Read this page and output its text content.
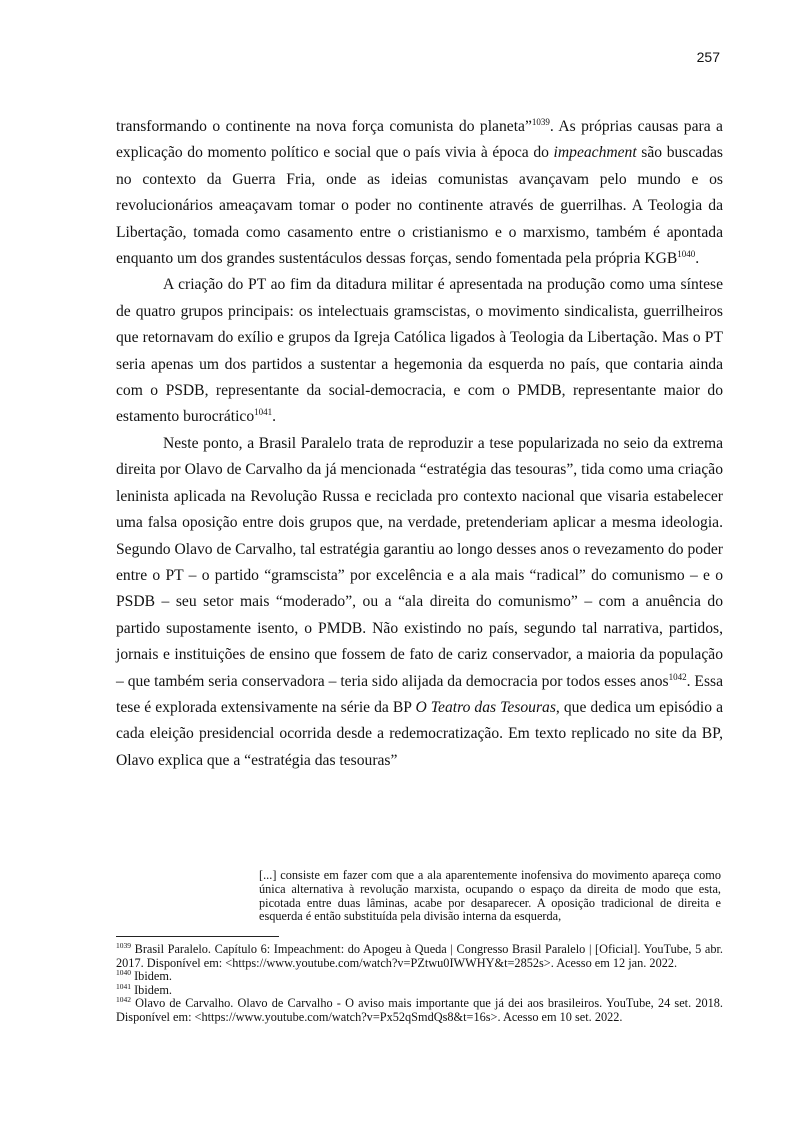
257

transformando o continente na nova força comunista do planeta”$^{1039}$. As próprias causas para a explicação do momento político e social que o país vivia à época do impeachment são buscadas no contexto da Guerra Fria, onde as ideias comunistas avançavam pelo mundo e os revolucionários ameaçavam tomar o poder no continente através de guerrilhas. A Teologia da Libertação, tomada como casamento entre o cristianismo e o marxismo, também é apontada enquanto um dos grandes sustentáculos dessas forças, sendo fomentada pela própria $KGB^{1040}$.

A criação do PT ao fim da ditadura militar é apresentada na produção como uma síntese de quatro grupos principais: os intelectuais gramscistas, o movimento sindicalista, guerrilheiros que retornavam do exílio e grupos da Igreja Católica ligados à Teologia da Libertação. Mas o PT seria apenas um dos partidos a sustentar a hegemonia da esquerda no país, que contaria ainda com o PSDB, representante da social-democracia, e com o PMDB, representante maior do estamento burocrático$^{1041}$.

Neste ponto, a Brasil Paralelo trata de reproduzir a tese popularizada no seio da extrema direita por Olavo de Carvalho da já mencionada “estratégia das tesouras”, tida como uma criação leninista aplicada na Revolução Russa e reciclada pro contexto nacional que visaria estabelecer uma falsa oposição entre dois grupos que, na verdade, pretenderiam aplicar a mesma ideologia. Segundo Olavo de Carvalho, tal estratégia garantiu ao longo desses anos o revezamento do poder entre o PT – o partido “gramscista” por excelência e a ala mais “radical” do comunismo – e o PSDB – seu setor mais “moderado”, ou a “ala direita do comunismo” – com a anuência do partido supostamente isento, o PMDB. Não existindo no país, segundo tal narrativa, partidos, jornais e instituições de ensino que fossem de fato de cariz conservador, a maioria da população – que também seria conservadora – teria sido alijada da democracia por todos esses anos$^{1042}$. Essa tese é explorada extensivamente na série da BP O Teatro das Tesouras, que dedica um episódio a cada eleição presidencial ocorrida desde a redemocratização. Em texto replicado no site da BP, Olavo explica que a “estratégia das tesouras”

[...] consiste em fazer com que a ala aparentemente inofensiva do movimento apareça como única alternativa à revolução marxista, ocupando o espaço da direita de modo que esta, picotada entre duas lâminas, acabe por desaparecer. A oposição tradicional de direita e esquerda é então substituída pela divisão interna da esquerda,

$^{1039}$ Brasil Paralelo. Capítulo 6: Impeachment: do Apogeu à Queda | Congresso Brasil Paralelo | [Oficial]. YouTube, 5 abr. 2017. Disponível em: <https://www.youtube.com/watch?v=PZtwu0IWWHY&t=2852s>. Acesso em 12 jan. 2022.

$^{1040}$ Ibidem.

$^{1041}$ Ibidem.

$^{1042}$ Olavo de Carvalho. Olavo de Carvalho - O aviso mais importante que já dei aos brasileiros. YouTube, 24 set. 2018. Disponível em: <https://www.youtube.com/watch?v=Px52qSmdQs8&t=16s>. Acesso em 10 set. 2022.
